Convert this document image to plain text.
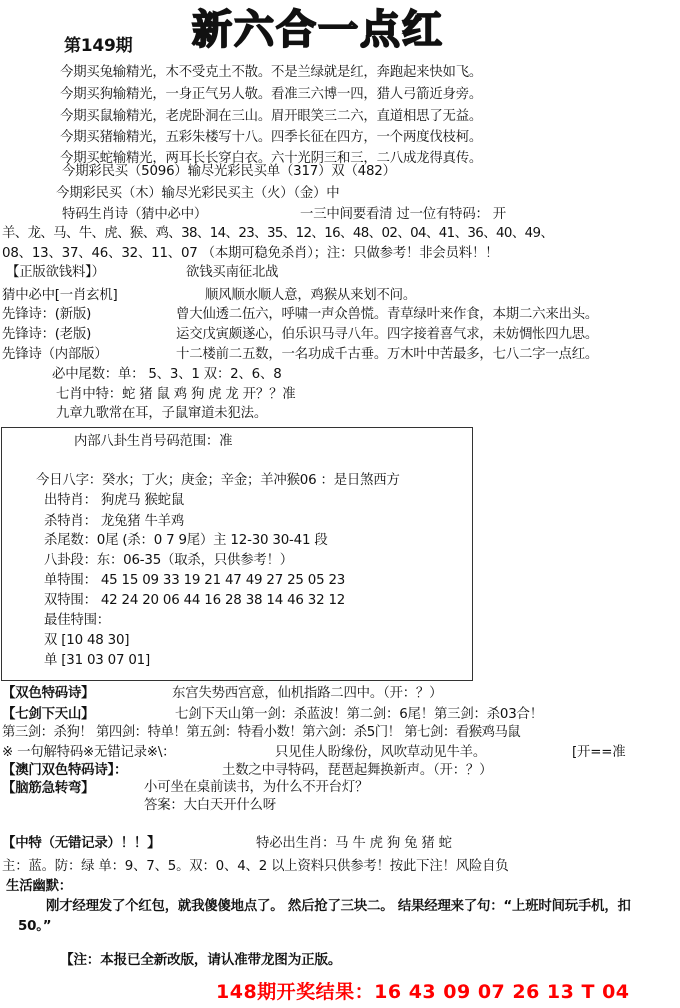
第149期 新六合一点红
今期买兔输精光，木不受克土不散。不是兰绿就是红，奔跑起来快如飞。
今期买狗输精光，一身正气另人敬。看准三六博一四，猎人弓箭近身旁。
今期买鼠输精光，老虎卧洞在三山。眉开眼笑三二六，直道相思了无益。
今期买猪输精光，五彩朱楼写十八。四季长征在四方，一个两度伐枝柯。
今期买蛇输精光，两耳长长穿白衣。六十光阴三和三，二八成龙得真传。
今期彩民买（5096）输尽光彩民买单（317）双（482）
今期彩民买（木）输尽光彩民买主（火）（金）中
特码生肖诗（猜中必中）	一三中间要看清 过一位有特码： 开
羊、龙、马、牛、虎、猴、鸡、38、14、23、35、12、16、48、02、04、41、36、40、49、
08、13、37、46、32、11、07 （本期可稳免杀肖）；注：只做参考！非会员料！！
【正版欲钱料】）	欲钱买南征北战
猜中必中[一肖玄机]	顺风顺水顺人意，鸡猴从来划不问。
先锋诗：(新版)	曾大仙透二伍六，呼啸一声众兽慌。青草绿叶来作食，本期二六来出头。
先锋诗：(老版)	运交戊寅颇遂心，伯乐识马寻八年。四字接着喜气求，未妨惆怅四九思。
先锋诗（内部版）	十二楼前二五数，一名功成千古垂。万木叶中苦最多，七八二字一点红。
必中尾数：单： 5、3、1 双：2、6、8
七肖中特：蛇 猪 鼠 鸡 狗 虎 龙 开？？准
九章九歌常在耳，子鼠窜道未犯法。
内部八卦生肖号码范围：准
今日八字：癸水；丁火；庚金；辛金；羊冲猴06 ：是日煞西方
出特肖： 狗虎马 猴蛇鼠
杀特肖： 龙兔猪 牛羊鸡
杀尾数：0尾 (杀：0 7 9尾）主 12-30 30-41 段
八卦段：东：06-35（取杀，只供参考！）
单特围： 45 15 09 33 19 21 47 49 27 25 05 23
双特围： 42 24 20 06 44 16 28 38 14 46 32 12
最佳特围：
双 [10 48 30]
单 [31 03 07 01]
【双色特码诗】	东宫失势西宫意，仙机指路二四中。（开：？）
【七剑下天山】	七剑下天山第一剑：杀蓝波！第二剑：6尾！第三剑：杀03合！
第三剑：杀狗！ 第四剑：特单！第五剑：特看小数！第六剑：杀5门！ 第七剑：看猴鸡马鼠
※ 一句解特码※无错记录※\：	只见佳人盼缘份，风吹草动见牛羊。	[开==准
【澳门双色特码诗】：	土数之中寻特码，琵琶起舞换新声。（开：？）
【脑筋急转弯】	小可坐在桌前读书，为什么不开台灯？
答案：大白天开什么呀
【中特（无错记录）！！】	特必出生肖：马 牛 虎 狗 兔 猪 蛇
主：蓝。防：绿 单：9、7、5。双：0、4、2 以上资料只供参考！按此下注！风险自负
生活幽默：
刚才经理发了个红包，就我傻傻地点了。 然后抢了三块二。 结果经理来了句：“上班时间玩手机，扣50。”
【注：本报已全新改版，请认准带龙图为正版。
148期开奖结果：16 43 09 07 26 13 T 04
